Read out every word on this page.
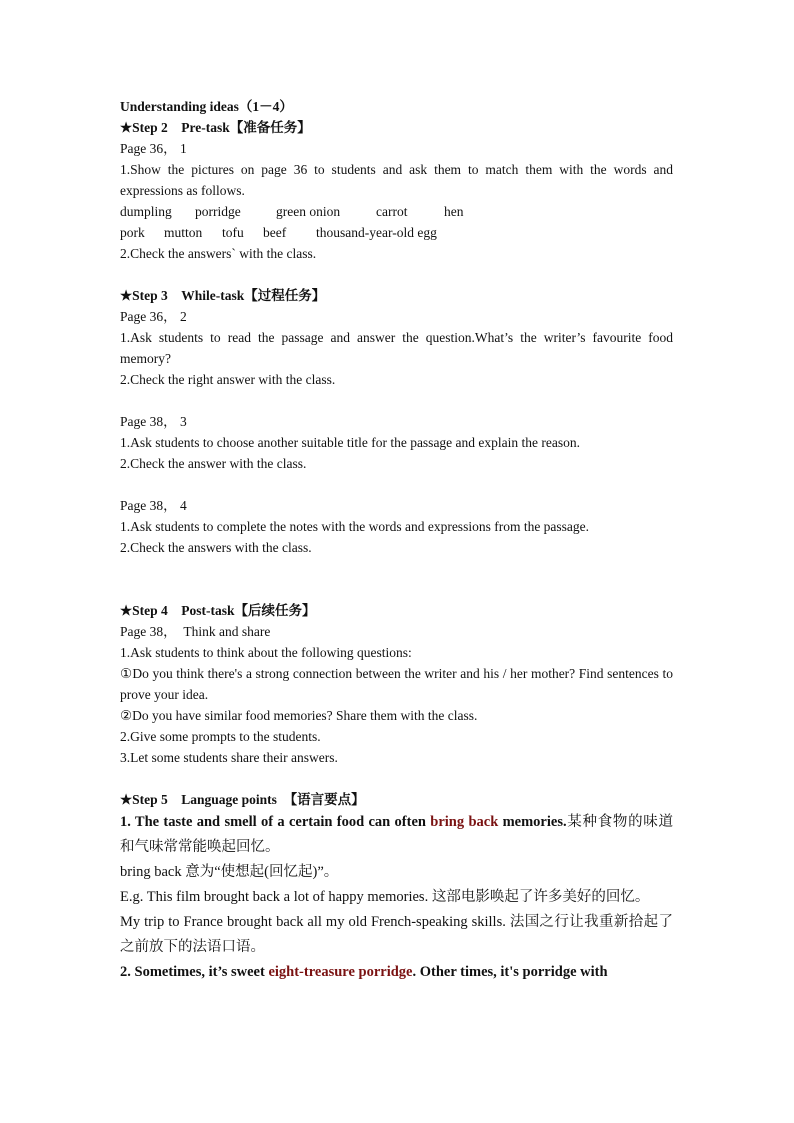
Understanding ideas（1－4）
★Step 2　Pre-task【准备任务】
Page 36， 1
1.Show the pictures on page 36 to students and ask them to match them with the words and expressions as follows.
dumpling porridge	green onion	carrot	hen
pork mutton tofu beef thousand-year-old egg
2.Check the answers` with the class.
★Step 3　While-task【过程任务】
Page 36， 2
1.Ask students to read the passage and answer the question.What’s the writer’s favourite food memory?
2.Check the right answer with the class.
Page 38， 3
1.Ask students to choose another suitable title for the passage and explain the reason.
2.Check the answer with the class.
Page 38， 4
1.Ask students to complete the notes with the words and expressions from the passage.
2.Check the answers with the class.
★Step 4　Post-task【后续任务】
Page 38，　Think and share
1.Ask students to think about the following questions:
①Do you think there's a strong connection between the writer and his / her mother? Find sentences to prove your idea.
②Do you have similar food memories? Share them with the class.
2.Give some prompts to the students.
3.Let some students share their answers.
★Step 5　Language points　【语言要点】
1. The taste and smell of a certain food can often bring back memories.某种食物的味道和气味常常能唤起回忆。
bring back 意为“使想起(回忆起)”。
E.g. This film brought back a lot of happy memories. 这部电影唤起了许多美好的回忆。
My trip to France brought back all my old French-speaking skills. 法国之行让我重新拾起了之前放下的法语口语。
2. Sometimes, it’s sweet eight-treasure porridge. Other times, it's porridge with
